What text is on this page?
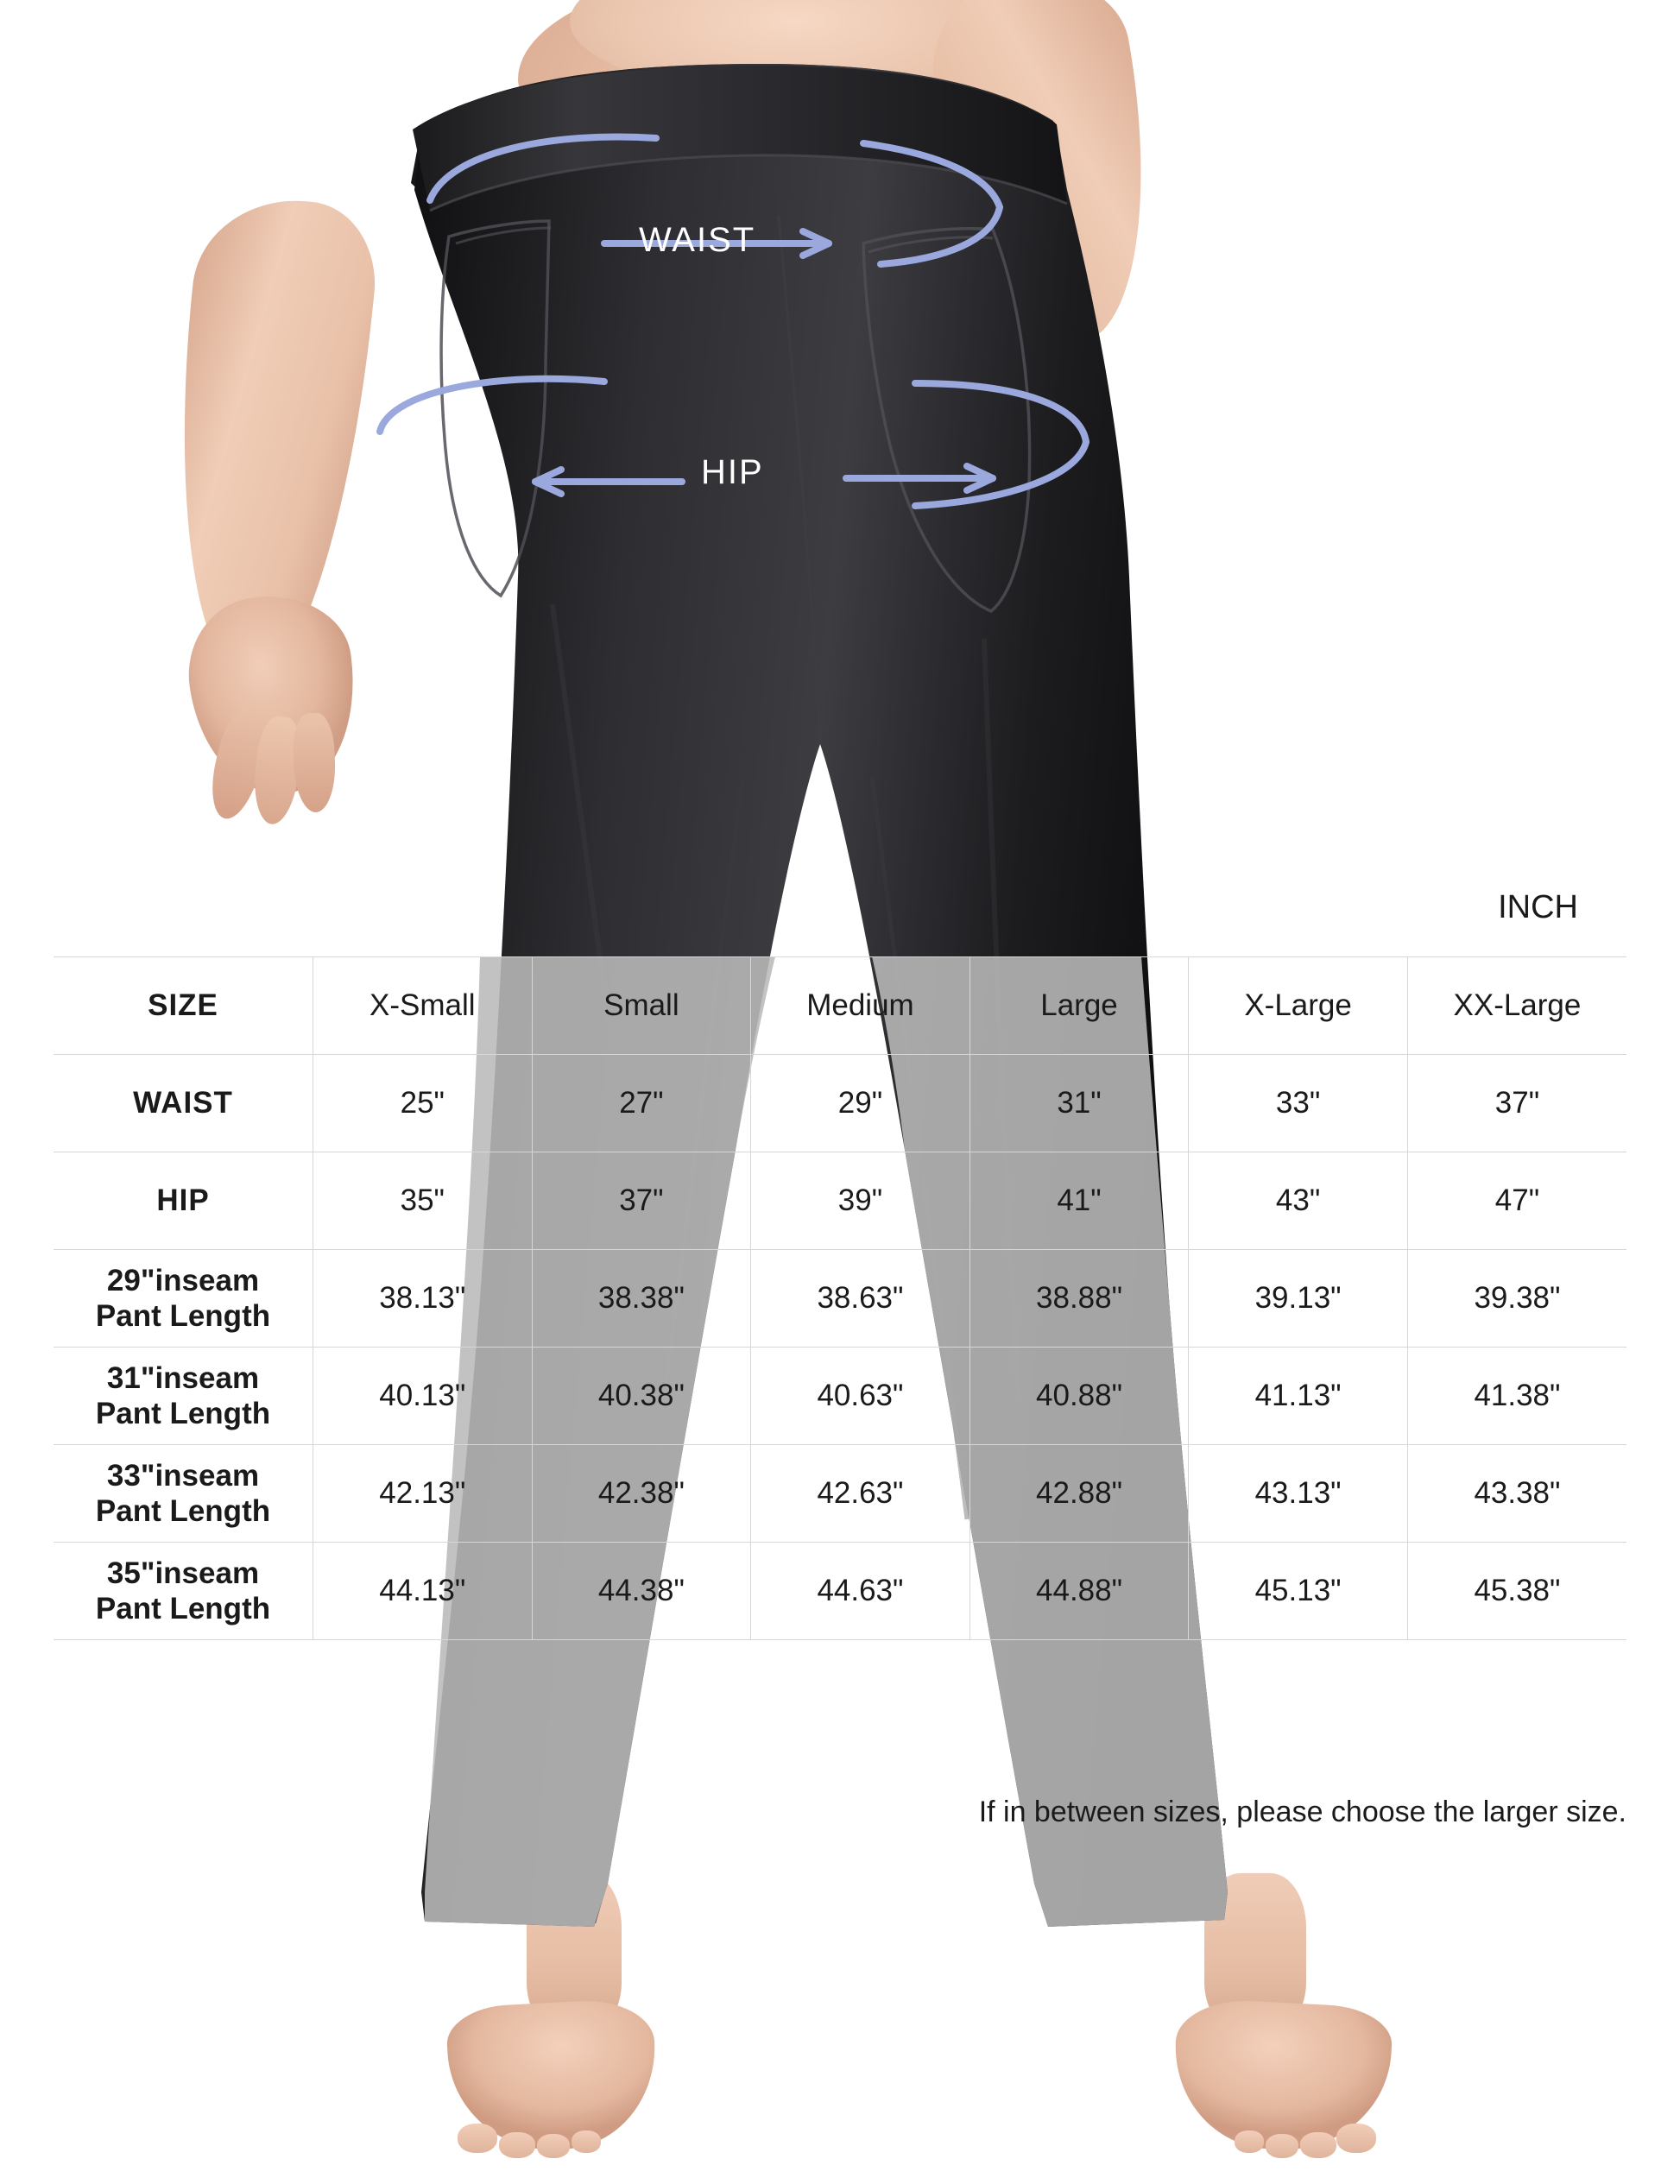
WAIST
HIP
INCH
SIZE	X-Small	Small	Medium	Large	X-Large	XX-Large
WAIST	25"	27"	29"	31"	33"	37"
HIP	35"	37"	39"	41"	43"	47"
29"inseam
Pant Length	38.13"	38.38"	38.63"	38.88"	39.13"	39.38"
31"inseam
Pant Length	40.13"	40.38"	40.63"	40.88"	41.13"	41.38"
33"inseam
Pant Length	42.13"	42.38"	42.63"	42.88"	43.13"	43.38"
35"inseam
Pant Length	44.13"	44.38"	44.63"	44.88"	45.13"	45.38"
If in between sizes, please choose the larger size.
